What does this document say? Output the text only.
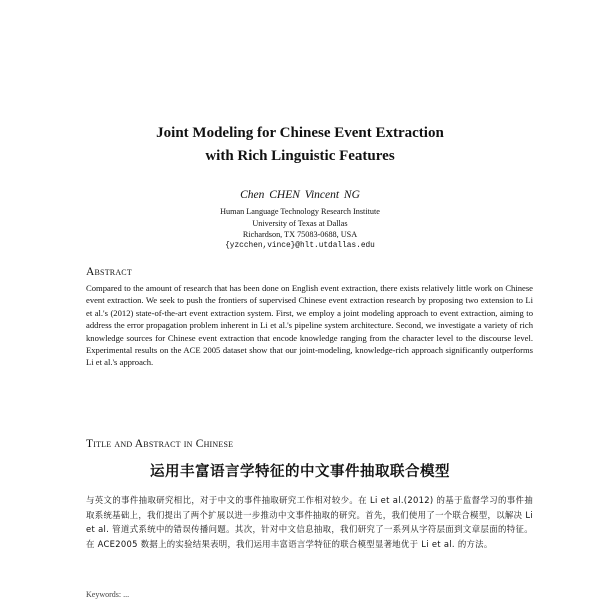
Joint Modeling for Chinese Event Extraction
with Rich Linguistic Features
Chen CHEN Vincent NG
Human Language Technology Research Institute
University of Texas at Dallas
Richardson, TX 75083-0688, USA
{yzcchen,vince}@hlt.utdallas.edu
Abstract
Compared to the amount of research that has been done on English event extraction, there exists relatively little work on Chinese event extraction. We seek to push the frontiers of supervised Chinese event extraction research by proposing two extension to Li et al.'s (2012) state-of-the-art event extraction system. First, we employ a joint modeling approach to event extraction, aiming to address the error propagation problem inherent in Li et al.'s pipeline system architecture. Second, we investigate a variety of rich knowledge sources for Chinese event extraction that encode knowledge ranging from the character level to the discourse level. Experimental results on the ACE 2005 dataset show that our joint-modeling, knowledge-rich approach significantly outperforms Li et al.'s approach.
Title and Abstract in Chinese
运用丰富语言学特征的中文事件抽取联合模型
与英文的事件抽取研究相比，对于中文的事件抽取研究工作相对较少。在 Li et al.(2012) 的基于监督学习的事件抽取系统基础上，我们提出了两个扩展以进一步推动中文事件抽取的研究。首先，我们使用了一个联合模型，以解决 Li et al. 管道式系统中的错误传播问题。其次，针对中文信息抽取，我们研究了一系列从字符层面到文章层面的特征。在 ACE2005 数据上的实验结果表明，我们运用丰富语言学特征的联合模型显著地优于 Li et al. 的方法。
Keywords: ...
